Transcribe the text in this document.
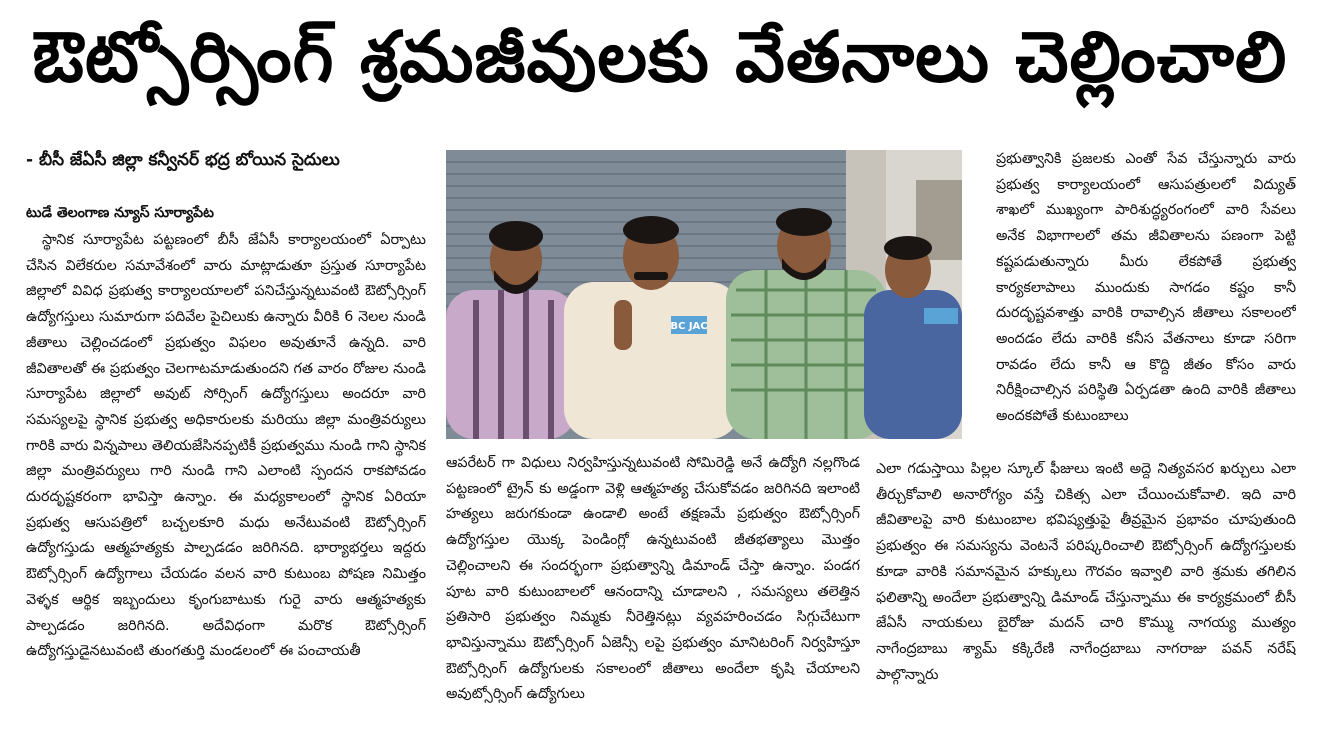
ఔట్సోర్సింగ్ శ్రమజీవులకు వేతనాలు చెల్లించాలి
- బీసీ జేఏసీ జిల్లా కన్వీనర్ భద్ర బోయిన సైదులు
టుడే తెలంగాణ న్యూస్ సూర్యాపేట
స్థానిక సూర్యాపేట పట్టణంలో బీసీ జేఏసీ కార్యాలయంలో ఏర్పాటు చేసిన విలేకరుల సమావేశంలో వారు మాట్లాడుతూ ప్రస్తుత సూర్యాపేట జిల్లాలో వివిధ ప్రభుత్వ కార్యాలయాలలో పనిచేస్తున్నటువంటి ఔట్సోర్సింగ్ ఉద్యోగస్తులు సుమారుగా పదివేల పైచిలుకు ఉన్నారు వీరికి 6 నెలల నుండి జీతాలు చెల్లించడంలో ప్రభుత్వం విఫలం అవుతూనే ఉన్నది. వారి జీవితాలతో ఈ ప్రభుత్వం చెలగాటమాడుతుందని గత వారం రోజుల నుండి సూర్యాపేట జిల్లాలో అవుట్ సోర్సింగ్ ఉద్యోగస్తులు అందరూ వారి సమస్యలపై స్థానిక ప్రభుత్వ అధికారులకు మరియు జిల్లా మంత్రివర్యులు గారికి వారు విన్నపాలు తెలియజేసినప్పటికీ ప్రభుత్వము నుండి గాని స్థానిక జిల్లా మంత్రివర్యులు గారి నుండి గాని ఎలాంటి స్పందన రాకపోవడం దురదృష్టకరంగా భావిస్తా ఉన్నాం. ఈ మధ్యకాలంలో స్థానిక ఏరియా ప్రభుత్వ ఆసుపత్రిలో బచ్చలకూరి మధు అనేటువంటి ఔట్సోర్సింగ్ ఉద్యోగస్తుడు ఆత్మహత్యకు పాల్పడడం జరిగినది. భార్యాభర్తలు ఇద్దరు ఔట్సోర్సింగ్ ఉద్యోగాలు చేయడం వలన వారి కుటుంబ పోషణ నిమిత్తం వెళ్ళక ఆర్థిక ఇబ్బందులు కృంగుబాటుకు గురై వారు ఆత్మహత్యకు పాల్పడడం జరిగినది. అదేవిధంగా మరొక ఔట్సోర్సింగ్ ఉద్యోగస్తుడైనటువంటి తుంగతుర్తి మండలంలో ఈ పంచాయతీ
BC JAC
ఆపరేటర్ గా విధులు నిర్వహిస్తున్నటువంటి సోమిరెడ్డి అనే ఉద్యోగి నల్లగొండ పట్టణంలో ట్రైన్ కు అడ్డంగా వెళ్లి ఆత్మహత్య చేసుకోవడం జరిగినది ఇలాంటి హత్యలు జరుగకుండా ఉండాలి అంటే తక్షణమే ప్రభుత్వం ఔట్సోర్సింగ్ ఉద్యోగస్తుల యొక్క పెండింగ్లో ఉన్నటువంటి జీతభత్యాలు మొత్తం చెల్లించాలని ఈ సందర్భంగా ప్రభుత్వాన్ని డిమాండ్ చేస్తా ఉన్నాం. పండగ పూట వారి కుటుంబాలలో ఆనందాన్ని చూడాలని , సమస్యలు తలెత్తిన ప్రతిసారి ప్రభుత్వం నిమ్మకు నీరెత్తినట్లు వ్యవహరించడం సిగ్గుచేటుగా భావిస్తున్నాము ఔట్సోర్సింగ్ ఏజెన్సీ లపై ప్రభుత్వం మానిటరింగ్ నిర్వహిస్తూ ఔట్సోర్సింగ్ ఉద్యోగులకు సకాలంలో జీతాలు అందేలా కృషి చేయాలని అవుట్సోర్సింగ్ ఉద్యోగులు
ప్రభుత్వానికి ప్రజలకు ఎంతో సేవ చేస్తున్నారు వారు ప్రభుత్వ కార్యాలయంలో ఆసుపత్రులలో విద్యుత్ శాఖలో ముఖ్యంగా పారిశుద్ధ్యరంగంలో వారి సేవలు అనేక విభాగాలలో తమ జీవితాలను పణంగా పెట్టి కష్టపడుతున్నారు మీరు లేకపోతే ప్రభుత్వ కార్యకలాపాలు ముందుకు సాగడం కష్టం కానీ దురదృష్టవశాత్తు వారికి రావాల్సిన జీతాలు సకాలంలో అందడం లేదు వారికి కనీస వేతనాలు కూడా సరిగా రావడం లేదు కానీ ఆ కొద్ది జీతం కోసం వారు నిరీక్షించాల్సిన పరిస్థితి ఏర్పడతా ఉంది వారికి జీతాలు అందకపోతే కుటుంబాలు
ఎలా గడుస్తాయి పిల్లల స్కూల్ ఫీజులు ఇంటి అద్దె నిత్యవసర ఖర్చులు ఎలా తీర్చుకోవాలి అనారోగ్యం వస్తే చికిత్స ఎలా చేయించుకోవాలి. ఇది వారి జీవితాలపై వారి కుటుంబాల భవిష్యత్తుపై తీవ్రమైన ప్రభావం చూపుతుంది ప్రభుత్వం ఈ సమస్యను వెంటనే పరిష్కరించాలి ఔట్సోర్సింగ్ ఉద్యోగస్తులకు కూడా వారికి సమానమైన హక్కులు గౌరవం ఇవ్వాలి వారి శ్రమకు తగిలిన ఫలితాన్ని అందేలా ప్రభుత్వాన్ని డిమాండ్ చేస్తున్నాము ఈ కార్యక్రమంలో బీసీ జేఏసీ నాయకులు బైరోజు మదన్ చారి కొమ్ము నాగయ్య ముత్యం నాగేంద్రబాబు శ్యామ్ కక్కిరేణి నాగేంద్రబాబు నాగరాజు పవన్ నరేష్ పాల్గొన్నారు
